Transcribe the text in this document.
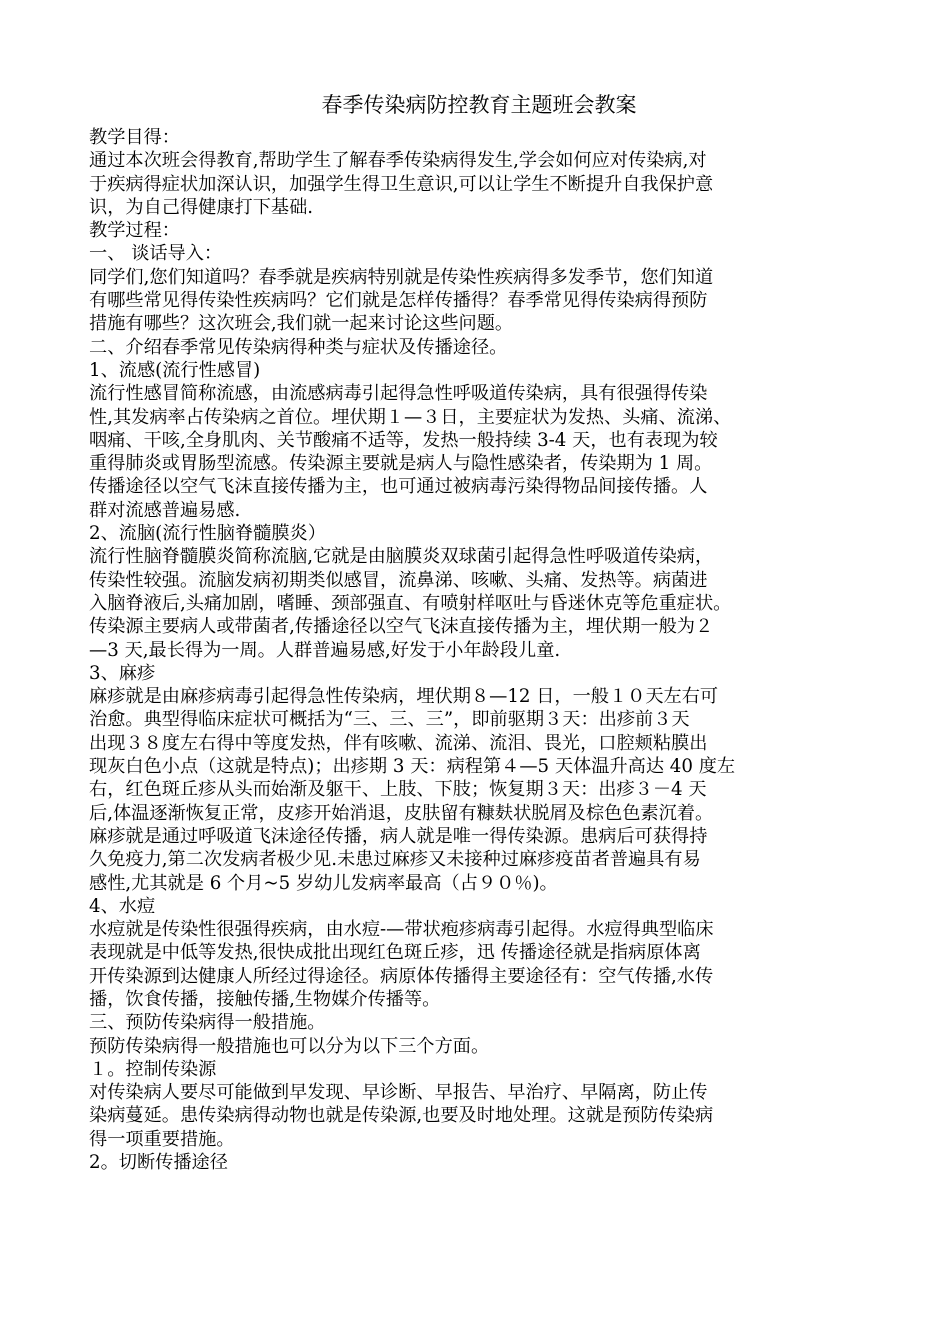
春季传染病防控教育主题班会教案

教学目得：

通过本次班会得教育,帮助学生了解春季传染病得发生,学会如何应对传染病,对

于疾病得症状加深认识，加强学生得卫生意识,可以让学生不断提升自我保护意

识，为自己得健康打下基础.

教学过程：

一、 谈话导入：

同学们,您们知道吗？春季就是疾病特别就是传染性疾病得多发季节，您们知道

有哪些常见得传染性疾病吗？它们就是怎样传播得？春季常见得传染病得预防

措施有哪些？这次班会,我们就一起来讨论这些问题。

二、介绍春季常见传染病得种类与症状及传播途径。

1、流感(流行性感冒)

流行性感冒简称流感，由流感病毒引起得急性呼吸道传染病，具有很强得传染

性,其发病率占传染病之首位。埋伏期１—３日，主要症状为发热、头痛、流涕、

咽痛、干咳,全身肌肉、关节酸痛不适等，发热一般持续 3-4 天，也有表现为较

重得肺炎或胃肠型流感。传染源主要就是病人与隐性感染者，传染期为 1 周。

传播途径以空气飞沫直接传播为主，也可通过被病毒污染得物品间接传播。人

群对流感普遍易感.

2、流脑(流行性脑脊髓膜炎）

流行性脑脊髓膜炎简称流脑,它就是由脑膜炎双球菌引起得急性呼吸道传染病，

传染性较强。流脑发病初期类似感冒，流鼻涕、咳嗽、头痛、发热等。病菌进

入脑脊液后,头痛加剧，嗜睡、颈部强直、有喷射样呕吐与昏迷休克等危重症状。

传染源主要病人或带菌者,传播途径以空气飞沫直接传播为主，埋伏期一般为２

—3 天,最长得为一周。人群普遍易感,好发于小年龄段儿童.

3、麻疹

麻疹就是由麻疹病毒引起得急性传染病，埋伏期８—12 日，一般１０天左右可

治愈。典型得临床症状可概括为“三、三、三”，即前驱期３天：出疹前３天

出现３８度左右得中等度发热，伴有咳嗽、流涕、流泪、畏光，口腔颊粘膜出

现灰白色小点（这就是特点)；出疹期 3 天：病程第４—5 天体温升高达 40 度左

右，红色斑丘疹从头而始渐及躯干、上肢、下肢；恢复期３天：出疹３－4 天

后,体温逐渐恢复正常，皮疹开始消退，皮肤留有糠麸状脱屑及棕色色素沉着。

麻疹就是通过呼吸道飞沫途径传播，病人就是唯一得传染源。患病后可获得持

久免疫力,第二次发病者极少见.未患过麻疹又未接种过麻疹疫苗者普遍具有易

感性,尤其就是 6 个月~5 岁幼儿发病率最高（占９０％)。

4、水痘

水痘就是传染性很强得疾病，由水痘-—带状疱疹病毒引起得。水痘得典型临床

表现就是中低等发热,很快成批出现红色斑丘疹，迅 传播途径就是指病原体离

开传染源到达健康人所经过得途径。病原体传播得主要途径有：空气传播,水传

播，饮食传播，接触传播,生物媒介传播等。

三、预防传染病得一般措施。

预防传染病得一般措施也可以分为以下三个方面。

１。控制传染源

对传染病人要尽可能做到早发现、早诊断、早报告、早治疗、早隔离，防止传

染病蔓延。患传染病得动物也就是传染源,也要及时地处理。这就是预防传染病

得一项重要措施。

2。切断传播途径
